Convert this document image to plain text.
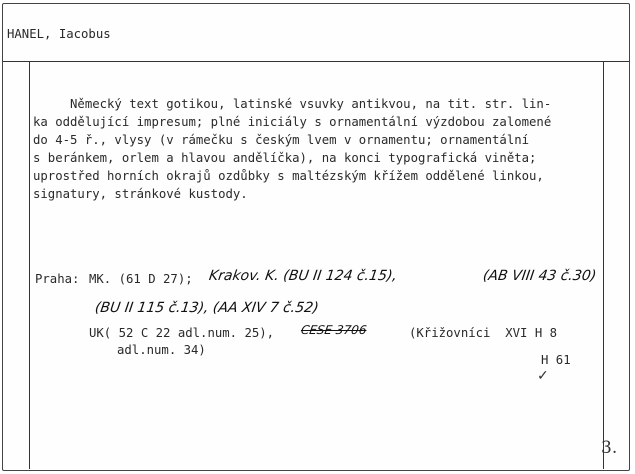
HANEL, Iacobus
Německý text gotikou, latinské vsuvky antikvou, na tit. str. lin-
ka oddělující impresum; plné iniciály s ornamentální výzdobou zalomené
do 4-5 ř., vlysy (v rámečku s českým lvem v ornamentu; ornamentální
s beránkem, orlem a hlavou andělíčka), na konci typografická viněta;
uprostřed horních okrajů ozdůbky s maltézským křížem oddělené linkou,
signatury, stránkové kustody.
Praha: MK. (61 D 27); Krakov. K. (BU II 124 č.15),	(AB VIII 43 č.30)
(BU II 115 č.13), (AA XIV 7 č.52)
UK( 52 C 22 adl.num. 25), CESE 3706	(Křižovníci  XVI H 8
adl.num. 34)
H 61
✓
3.
